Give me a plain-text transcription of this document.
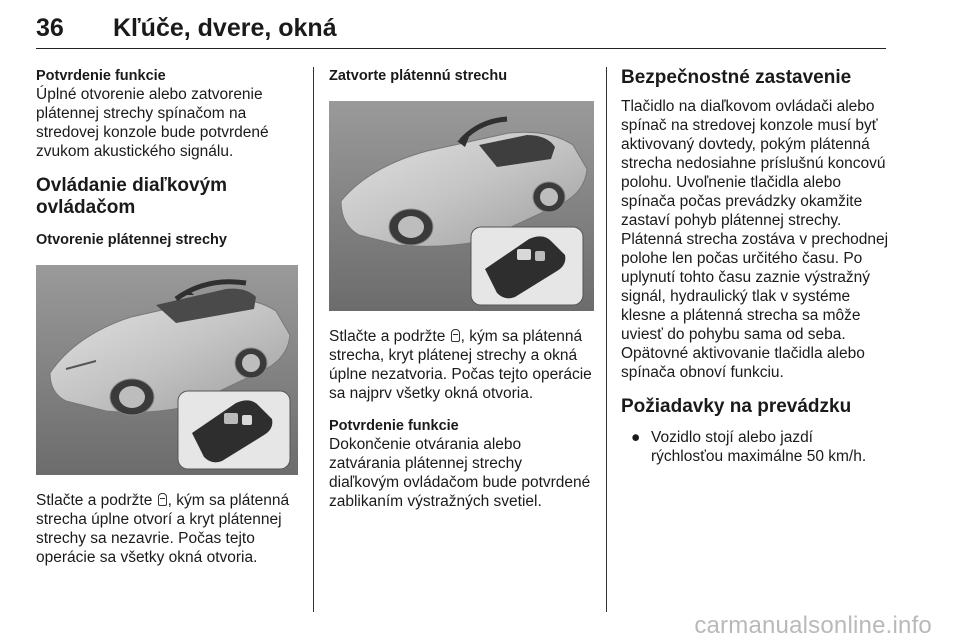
36 Kľúče, dvere, okná

Potvrdenie funkcie

Úplné otvorenie alebo zatvorenie plátennej strechy spínačom na stredovej konzole bude potvrdené zvukom akustického signálu.

Ovládanie diaľkovým ovládačom

Otvorenie plátennej strechy

Stlačte a podržte , kým sa plátenná strecha úplne otvorí a kryt plátennej strechy sa nezavrie. Počas tejto operácie sa všetky okná otvoria.

Zatvorte plátennú strechu

Stlačte a podržte , kým sa plátenná strecha, kryt plátenej strechy a okná úplne nezatvoria. Počas tejto operácie sa najprv všetky okná otvoria.

Potvrdenie funkcie

Dokončenie otvárania alebo zatvárania plátennej strechy diaľkovým ovládačom bude potvrdené zablikaním výstražných svetiel.

Bezpečnostné zastavenie

Tlačidlo na diaľkovom ovládači alebo spínač na stredovej konzole musí byť aktivovaný dovtedy, pokým plátenná strecha nedosiahne príslušnú koncovú polohu. Uvoľnenie tlačidla alebo spínača počas prevádzky okamžite zastaví pohyb plátennej strechy. Plátenná strecha zostáva v prechodnej polohe len počas určitého času. Po uplynutí tohto času zaznie výstražný signál, hydraulický tlak v systéme klesne a plátenná strecha sa môže uviesť do pohybu sama od seba. Opätovné aktivovanie tlačidla alebo spínača obnoví funkciu.

Požiadavky na prevádzku

● Vozidlo stojí alebo jazdí rýchlosťou maximálne 50 km/h.

carmanualsonline.info
